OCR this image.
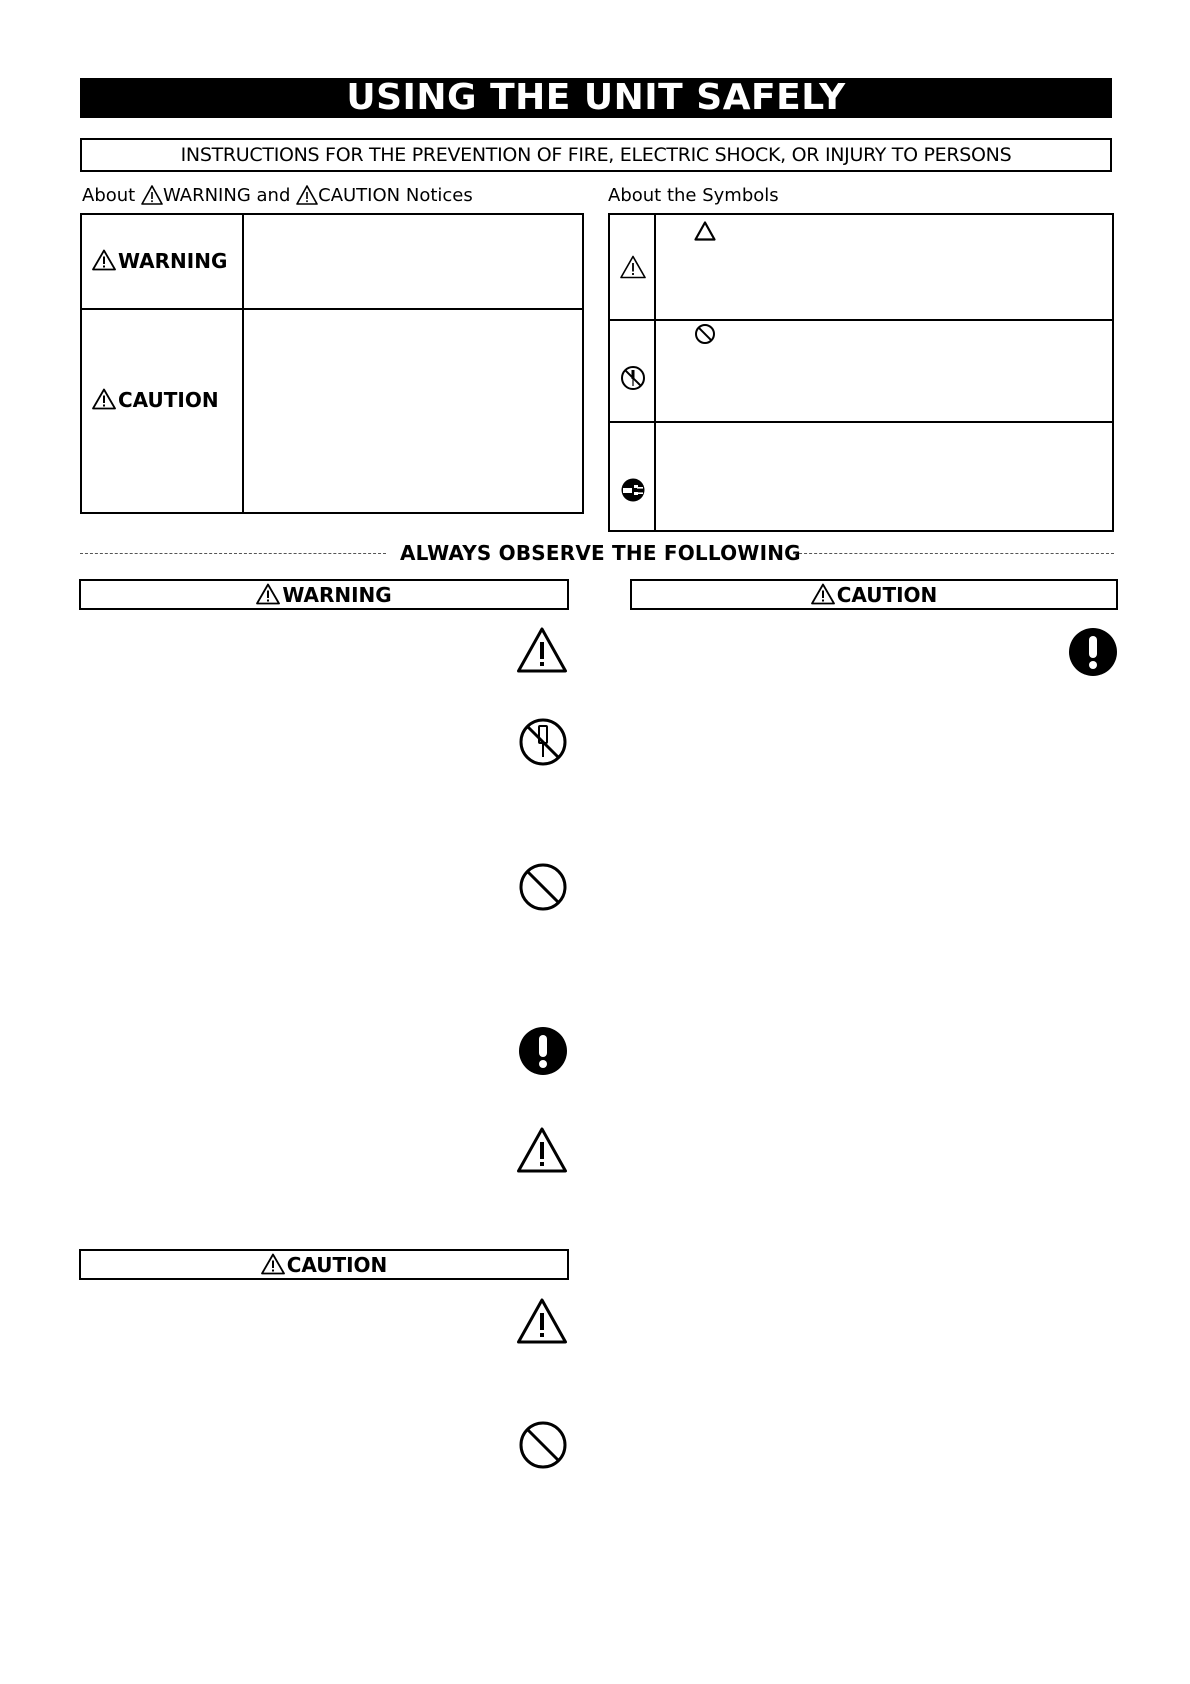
USING THE UNIT SAFELY
INSTRUCTIONS FOR THE PREVENTION OF FIRE, ELECTRIC SHOCK, OR INJURY TO PERSONS
About WARNING and CAUTION Notices	About the Symbols
WARNING
CAUTION
ALWAYS OBSERVE THE FOLLOWING
WARNING	CAUTION
CAUTION
